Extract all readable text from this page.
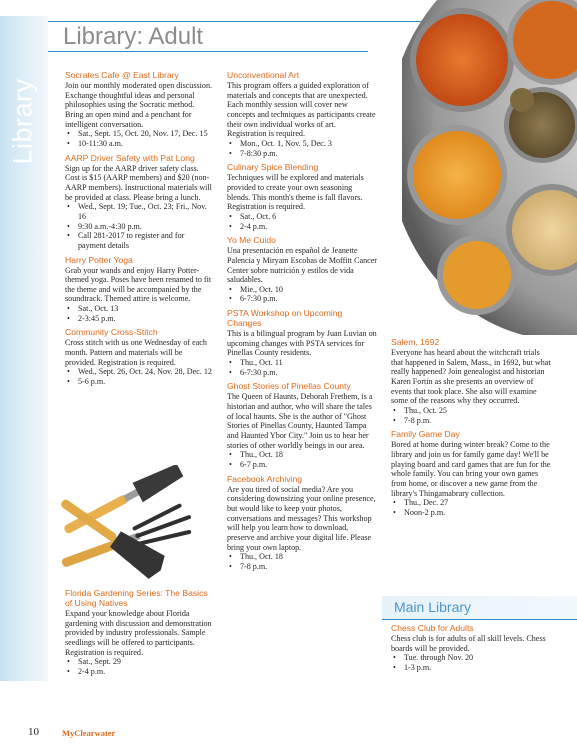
Library
Library: Adult
Socrates Cafe @ East Library
Join our monthly moderated open discussion. Exchange thoughtful ideas and personal philosophies using the Socratic method. Bring an open mind and a penchant for intelligent conversation.
• Sat., Sept. 15, Oct. 20, Nov. 17, Dec. 15
• 10-11:30 a.m.
AARP Driver Safety with Pat Long
Sign up for the AARP driver safety class. Cost is $15 (AARP members) and $20 (non-AARP members). Instructional materials will be provided at class. Please bring a lunch.
• Wed., Sept. 19; Tue., Oct. 23; Fri., Nov. 16
• 9:30 a.m.-4:30 p.m.
• Call 281-2017 to register and for payment details
Harry Potter Yoga
Grab your wands and enjoy Harry Potter-themed yoga. Poses have been renamed to fit the theme and will be accompanied by the soundtrack. Themed attire is welcome.
• Sat., Oct. 13
• 2-3:45 p.m.
Community Cross-Stitch
Cross stitch with us one Wednesday of each month. Pattern and materials will be provided. Registration is required.
• Wed., Sept. 26, Oct. 24, Nov. 28, Dec. 12
• 5-6 p.m.
Florida Gardening Series: The Basics of Using Natives
Expand your knowledge about Florida gardening with discussion and demonstration provided by industry professionals. Sample seedlings will be offered to participants. Registration is required.
• Sat., Sept. 29
• 2-4 p.m.
Unconventional Art
This program offers a guided exploration of materials and concepts that are unexpected. Each monthly session will cover new concepts and techniques as participants create their own individual works of art. Registration is required.
• Mon., Oct. 1, Nov. 5, Dec. 3
• 7-8:30 p.m.
Culinary Spice Blending
Techniques will be explored and materials provided to create your own seasoning blends. This month's theme is fall flavors. Registration is required.
• Sat., Oct. 6
• 2-4 p.m.
Yo Me Cuido
Una presentación en español de Jeanette Palencia y Miryam Escobas de Moffitt Cancer Center sobre nutrición y estilos de vida saludables.
• Mie., Oct. 10
• 6-7:30 p.m.
PSTA Workshop on Upcoming Changes
This is a bilingual program by Juan Luvian on upcoming changes with PSTA services for Pinellas County residents.
• Thu., Oct. 11
• 6-7:30 p.m.
Ghost Stories of Pinellas County
The Queen of Haunts, Deborah Frethem, is a historian and author, who will share the tales of local haunts. She is the author of "Ghost Stories of Pinellas County, Haunted Tampa and Haunted Ybor City." Join us to hear her stories of other worldly beings in our area.
• Thu., Oct. 18
• 6-7 p.m.
Facebook Archiving
Are you tired of social media? Are you considering downsizing your online presence, but would like to keep your photos, conversations and messages? This workshop will help you learn how to download, preserve and archive your digital life. Please bring your own laptop.
• Thu., Oct. 18
• 7-8 p.m.
Salem, 1692
Everyone has heard about the witchcraft trials that happened in Salem, Mass., in 1692, but what really happened? Join genealogist and historian Karen Fortin as she presents an overview of events that took place. She also will examine some of the reasons why they occurred.
• Thu., Oct. 25
• 7-8 p.m.
Family Game Day
Bored at home during winter break? Come to the library and join us for family game day! We'll be playing board and card games that are fun for the whole family. You can bring your own games from home, or discover a new game from the library's Thingamabrary collection.
• Thu., Dec. 27
• Noon-2 p.m.
Main Library
Chess Club for Adults
Chess club is for adults of all skill levels. Chess boards will be provided.
• Tue. through Nov. 20
• 1-3 p.m.
10	MyClearwater
